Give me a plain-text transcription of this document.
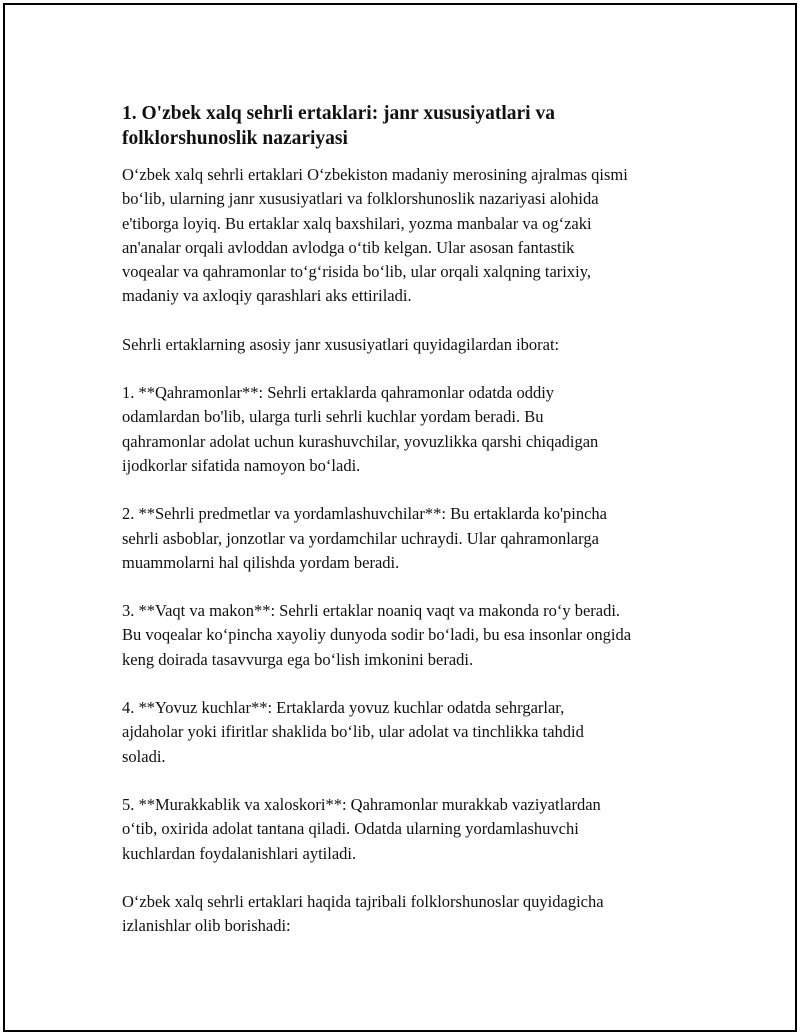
1. O'zbek xalq sehrli ertaklari: janr xususiyatlari va
folklorshunoslik nazariyasi

O‘zbek xalq sehrli ertaklari O‘zbekiston madaniy merosining ajralmas qismi
bo‘lib, ularning janr xususiyatlari va folklorshunoslik nazariyasi alohida
e'tiborga loyiq. Bu ertaklar xalq baxshilari, yozma manbalar va og‘zaki
an'analar orqali avloddan avlodga o‘tib kelgan. Ular asosan fantastik
voqealar va qahramonlar to‘g‘risida bo‘lib, ular orqali xalqning tarixiy,
madaniy va axloqiy qarashlari aks ettiriladi.

Sehrli ertaklarning asosiy janr xususiyatlari quyidagilardan iborat:

1. **Qahramonlar**: Sehrli ertaklarda qahramonlar odatda oddiy
odamlardan bo'lib, ularga turli sehrli kuchlar yordam beradi. Bu
qahramonlar adolat uchun kurashuvchilar, yovuzlikka qarshi chiqadigan
ijodkorlar sifatida namoyon bo‘ladi.

2. **Sehrli predmetlar va yordamlashuvchilar**: Bu ertaklarda ko'pincha
sehrli asboblar, jonzotlar va yordamchilar uchraydi. Ular qahramonlarga
muammolarni hal qilishda yordam beradi.

3. **Vaqt va makon**: Sehrli ertaklar noaniq vaqt va makonda ro‘y beradi.
Bu voqealar ko‘pincha xayoliy dunyoda sodir bo‘ladi, bu esa insonlar ongida
keng doirada tasavvurga ega bo‘lish imkonini beradi.

4. **Yovuz kuchlar**: Ertaklarda yovuz kuchlar odatda sehrgarlar,
ajdaholar yoki ifiritlar shaklida bo‘lib, ular adolat va tinchlikka tahdid
soladi.

5. **Murakkablik va xaloskori**: Qahramonlar murakkab vaziyatlardan
o‘tib, oxirida adolat tantana qiladi. Odatda ularning yordamlashuvchi
kuchlardan foydalanishlari aytiladi.

O‘zbek xalq sehrli ertaklari haqida tajribali folklorshunoslar quyidagicha
izlanishlar olib borishadi:
